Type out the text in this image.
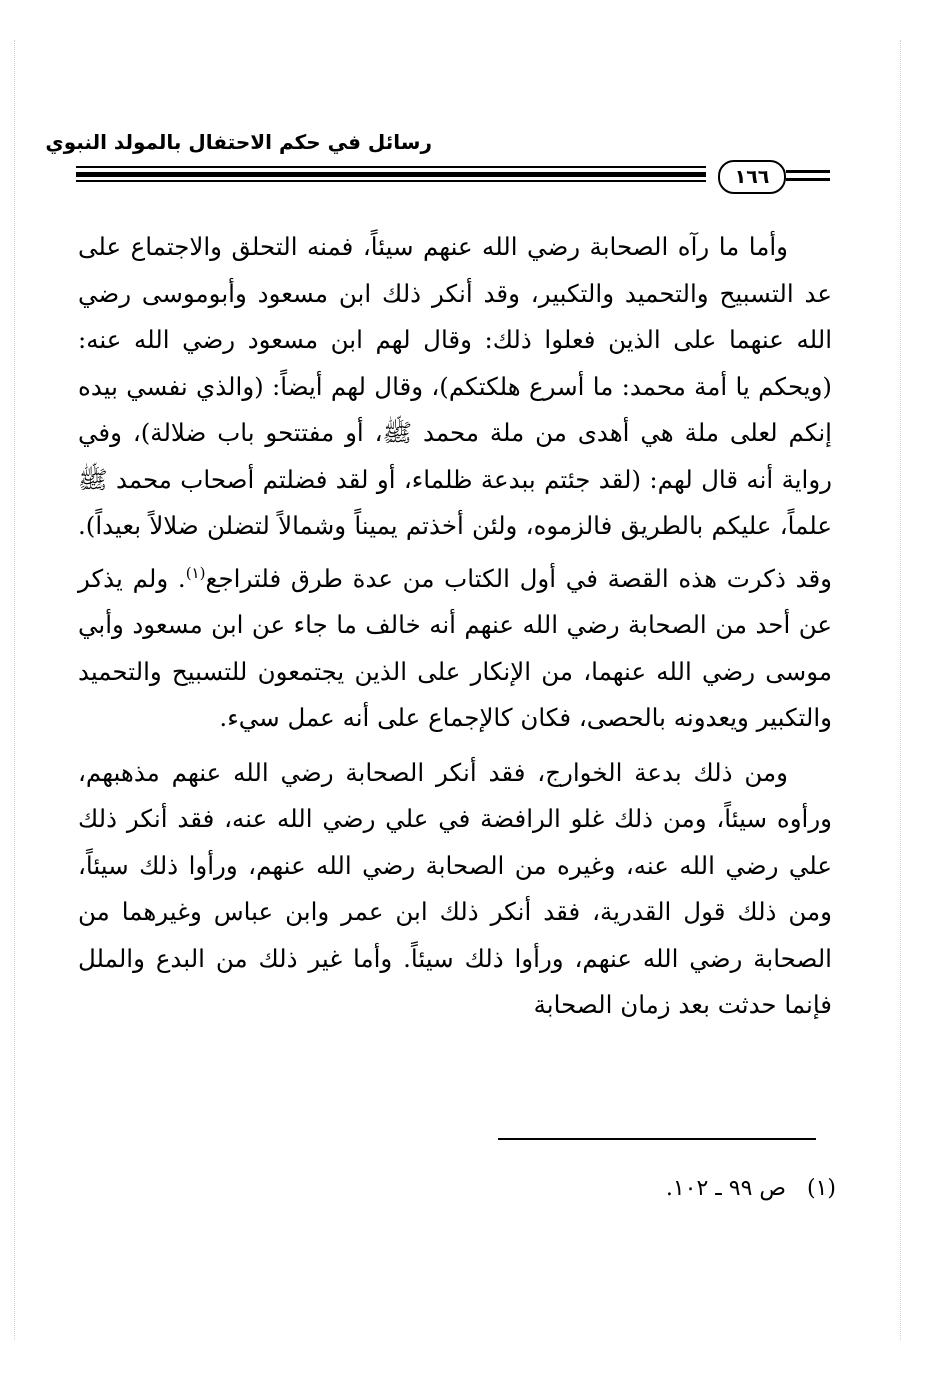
رسائل في حكم الاحتفال بالمولد النبوي
١٦٦

وأما ما رآه الصحابة رضي الله عنهم سيئاً، فمنه التحلق والاجتماع على عد التسبيح والتحميد والتكبير، وقد أنكر ذلك ابن مسعود وأبوموسى رضي الله عنهما على الذين فعلوا ذلك: وقال لهم ابن مسعود رضي الله عنه: (ويحكم يا أمة محمد: ما أسرع هلكتكم)، وقال لهم أيضاً: (والذي نفسي بيده إنكم لعلى ملة هي أهدى من ملة محمد ﷺ، أو مفتتحو باب ضلالة)، وفي رواية أنه قال لهم: (لقد جئتم ببدعة ظلماء، أو لقد فضلتم أصحاب محمد ﷺ علماً، عليكم بالطريق فالزموه، ولئن أخذتم يميناً وشمالاً لتضلن ضلالاً بعيداً). وقد ذكرت هذه القصة في أول الكتاب من عدة طرق فلتراجع$^{(١)}$. ولم يذكر عن أحد من الصحابة رضي الله عنهم أنه خالف ما جاء عن ابن مسعود وأبي موسى رضي الله عنهما، من الإنكار على الذين يجتمعون للتسبيح والتحميد والتكبير ويعدونه بالحصى، فكان كالإجماع على أنه عمل سيء.

ومن ذلك بدعة الخوارج، فقد أنكر الصحابة رضي الله عنهم مذهبهم، ورأوه سيئاً، ومن ذلك غلو الرافضة في علي رضي الله عنه، فقد أنكر ذلك علي رضي الله عنه، وغيره من الصحابة رضي الله عنهم، ورأوا ذلك سيئاً، ومن ذلك قول القدرية، فقد أنكر ذلك ابن عمر وابن عباس وغيرهما من الصحابة رضي الله عنهم، ورأوا ذلك سيئاً. وأما غير ذلك من البدع والملل فإنما حدثت بعد زمان الصحابة

(١) ص ٩٩ ـ ١٠٢.
